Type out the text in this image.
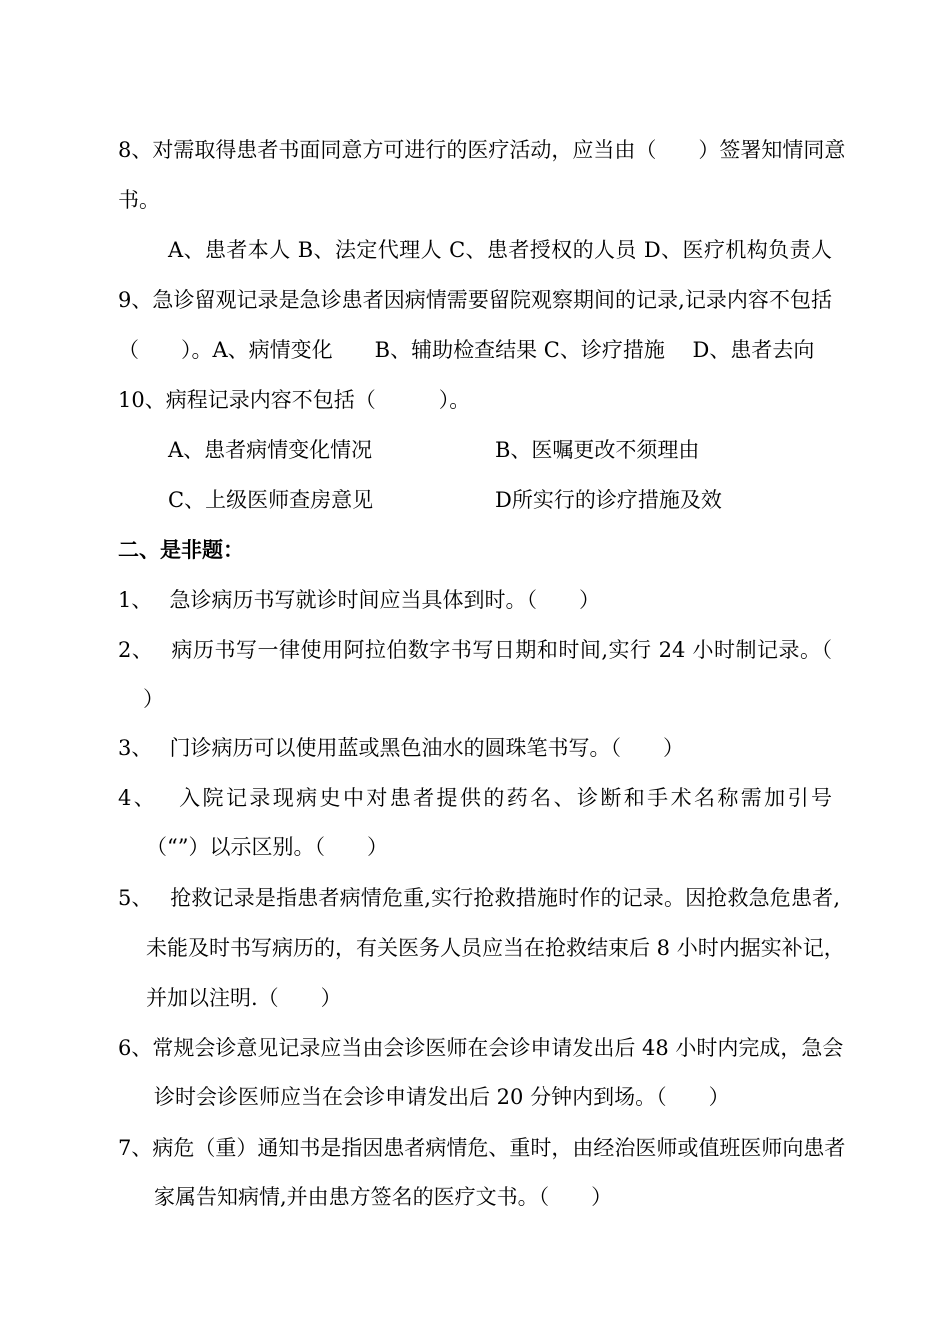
8、对需取得患者书面同意方可进行的医疗活动，应当由（　　）签署知情同意
书。
A、患者本人 B、法定代理人 C、患者授权的人员 D、医疗机构负责人
9、急诊留观记录是急诊患者因病情需要留院观察期间的记录,记录内容不包括
（　　）。A、病情变化　　B、辅助检查结果 C、诊疗措施　 D、患者去向
10、病程记录内容不包括（　　　）。
A、患者病情变化情况	B、医嘱更改不须理由
C、上级医师查房意见	D所实行的诊疗措施及效
二、是非题：
1、　 急诊病历书写就诊时间应当具体到时。（　　）
2、　 病历书写一律使用阿拉伯数字书写日期和时间,实行 24 小时制记录。（
）
3、　 门诊病历可以使用蓝或黑色油水的圆珠笔书写。（　　）
4、　 入院记录现病史中对患者提供的药名、诊断和手术名称需加引号
（“”）以示区别。（　　）
5、　 抢救记录是指患者病情危重,实行抢救措施时作的记录。因抢救急危患者,
未能及时书写病历的，有关医务人员应当在抢救结束后 8 小时内据实补记，
并加以注明.（　　）
6、常规会诊意见记录应当由会诊医师在会诊申请发出后 48 小时内完成，急会
诊时会诊医师应当在会诊申请发出后 20 分钟内到场。（　　）
7、病危（重）通知书是指因患者病情危、重时，由经治医师或值班医师向患者
家属告知病情,并由患方签名的医疗文书。（　　）
